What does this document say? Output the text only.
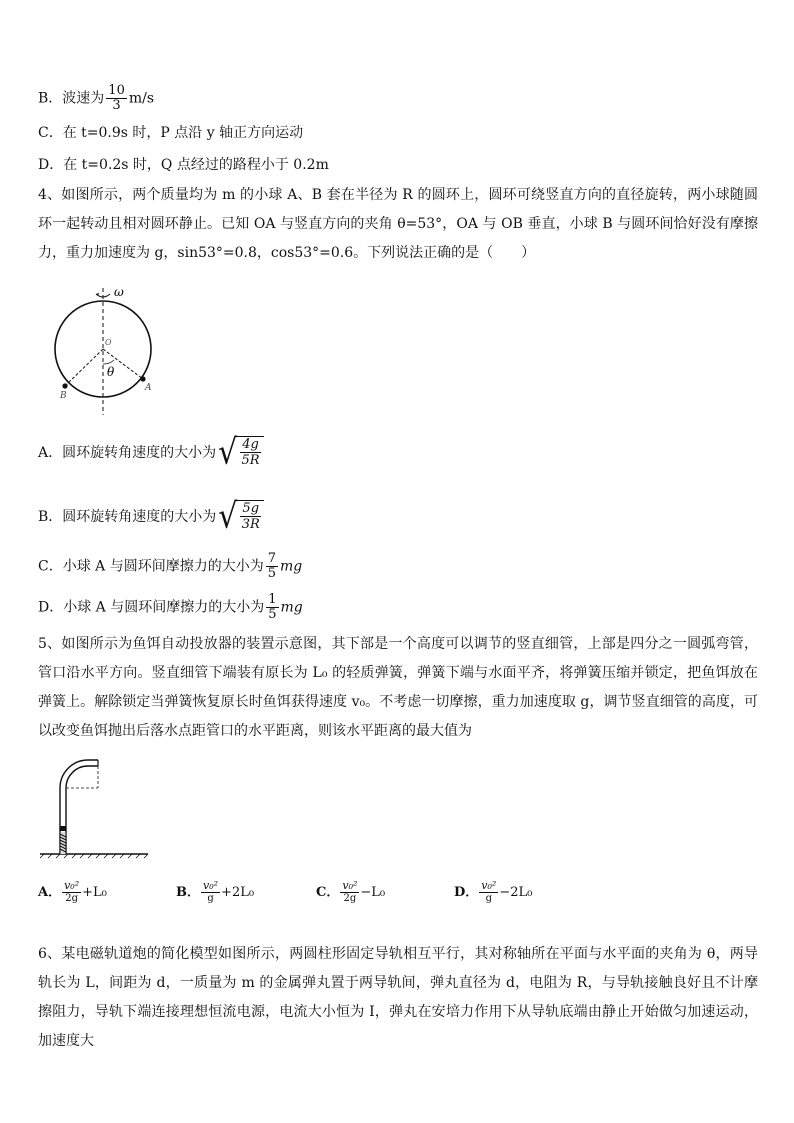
B．波速为 $\frac{10}{3} m/s$
C．在 t=0.9s 时，P 点沿 y 轴正方向运动
D．在 t=0.2s 时，Q 点经过的路程小于 0.2m
4、如图所示，两个质量均为 m 的小球 A、B 套在半径为 R 的圆环上，圆环可绕竖直方向的直径旋转，两小球随圆环一起转动且相对圆环静止。已知 OA 与竖直方向的夹角 θ=53°，OA 与 OB 垂直，小球 B 与圆环间恰好没有摩擦力，重力加速度为 g，sin53°=0.8，cos53°=0.6。下列说法正确的是（　　）
ω
O
θ
A
B
A．圆环旋转角速度的大小为 √ $\frac{4g}{5R}$
B．圆环旋转角速度的大小为 √ $\frac{5g}{3R}$
C．小球 A 与圆环间摩擦力的大小为 $\frac{7}{5}$ mg
D．小球 A 与圆环间摩擦力的大小为 $\frac{1}{5}$ mg
5、如图所示为鱼饵自动投放器的装置示意图，其下部是一个高度可以调节的竖直细管，上部是四分之一圆弧弯管，管口沿水平方向。竖直细管下端装有原长为 L₀ 的轻质弹簧，弹簧下端与水面平齐，将弹簧压缩并锁定，把鱼饵放在弹簧上。解除锁定当弹簧恢复原长时鱼饵获得速度 v₀。不考虑一切摩擦，重力加速度取 g，调节竖直细管的高度，可以改变鱼饵抛出后落水点距管口的水平距离，则该水平距离的最大值为
A． $\frac{\text{v₀²}}{2g} +L_0$	B． $\frac{\text{v₀²}}{g} +2L_0$	C． $\frac{\text{v₀²}}{2g} -L_0$	D． $\frac{\text{v₀²}}{g} -2L_0$
6、某电磁轨道炮的简化模型如图所示，两圆柱形固定导轨相互平行，其对称轴所在平面与水平面的夹角为 θ，两导轨长为 L，间距为 d，一质量为 m 的金属弹丸置于两导轨间，弹丸直径为 d，电阻为 R，与导轨接触良好且不计摩擦阻力，导轨下端连接理想恒流电源，电流大小恒为 I，弹丸在安培力作用下从导轨底端由静止开始做匀加速运动，加速度大
